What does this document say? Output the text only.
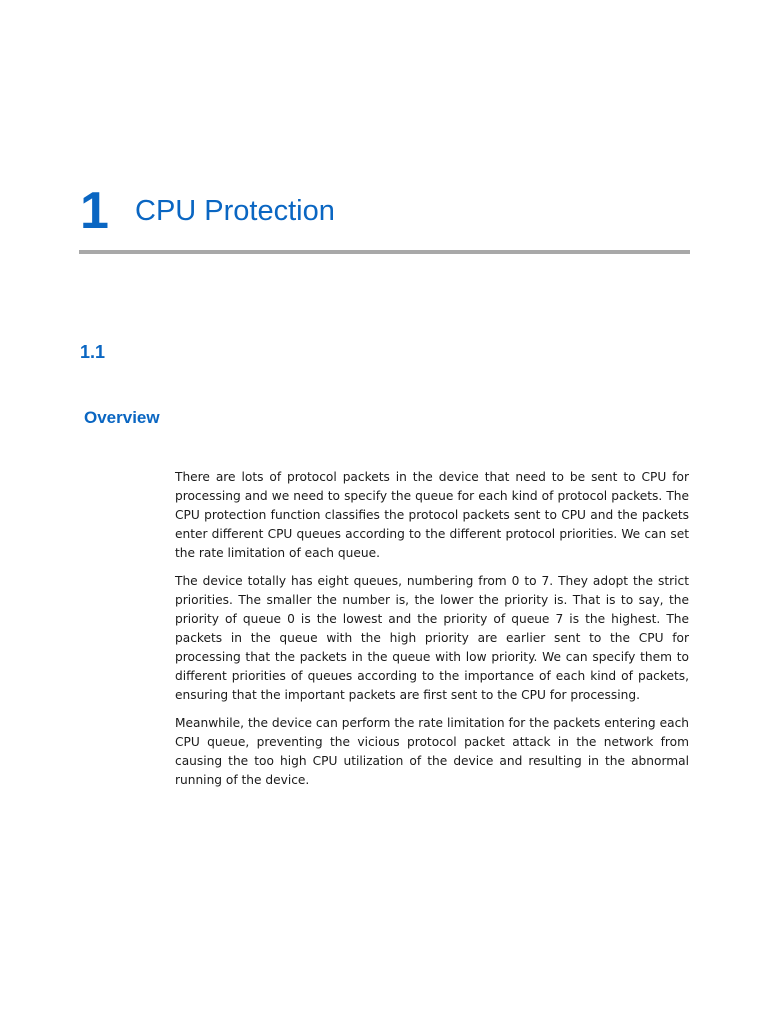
1 CPU Protection
1.1
Overview

There are lots of protocol packets in the device that need to be sent to CPU for processing and we need to specify the queue for each kind of protocol packets. The CPU protection function classifies the protocol packets sent to CPU and the packets enter different CPU queues according to the different protocol priorities. We can set the rate limitation of each queue.

The device totally has eight queues, numbering from 0 to 7. They adopt the strict priorities. The smaller the number is, the lower the priority is. That is to say, the priority of queue 0 is the lowest and the priority of queue 7 is the highest. The packets in the queue with the high priority are earlier sent to the CPU for processing that the packets in the queue with low priority. We can specify them to different priorities of queues according to the importance of each kind of packets, ensuring that the important packets are first sent to the CPU for processing.

Meanwhile, the device can perform the rate limitation for the packets entering each CPU queue, preventing the vicious protocol packet attack in the network from causing the too high CPU utilization of the device and resulting in the abnormal running of the device.
